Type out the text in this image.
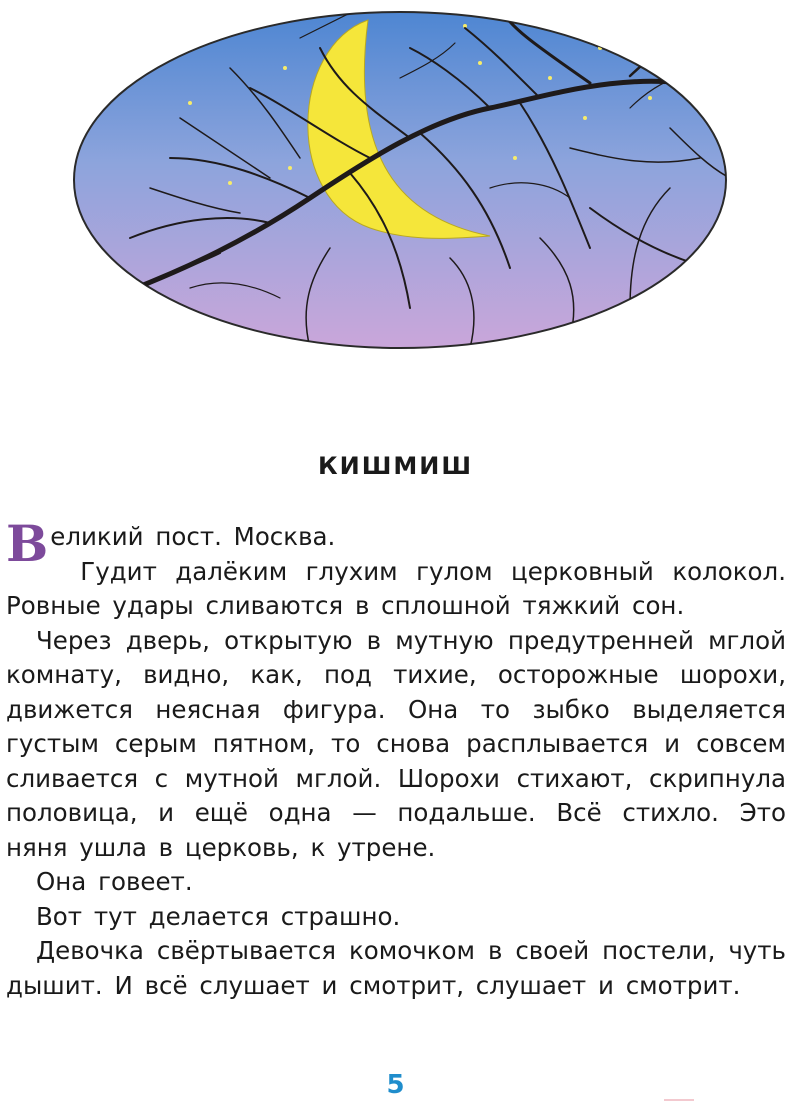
КИШМИШ

Великий пост. Москва.

Гудит далёким глухим гулом церковный колокол. Ровные удары сливаются в сплошной тяжкий сон.

Через дверь, открытую в мутную предутренней мглой комнату, видно, как, под тихие, осторожные шорохи, движется неясная фигура. Она то зыбко выделяется густым серым пятном, то снова расплывается и совсем сливается с мутной мглой. Шорохи стихают, скрипнула половица, и ещё одна — подальше. Всё стихло. Это няня ушла в церковь, к утрене.

Она говеет.

Вот тут делается страшно.

Девочка свёртывается комочком в своей постели, чуть дышит. И всё слушает и смотрит, слушает и смотрит.

5
